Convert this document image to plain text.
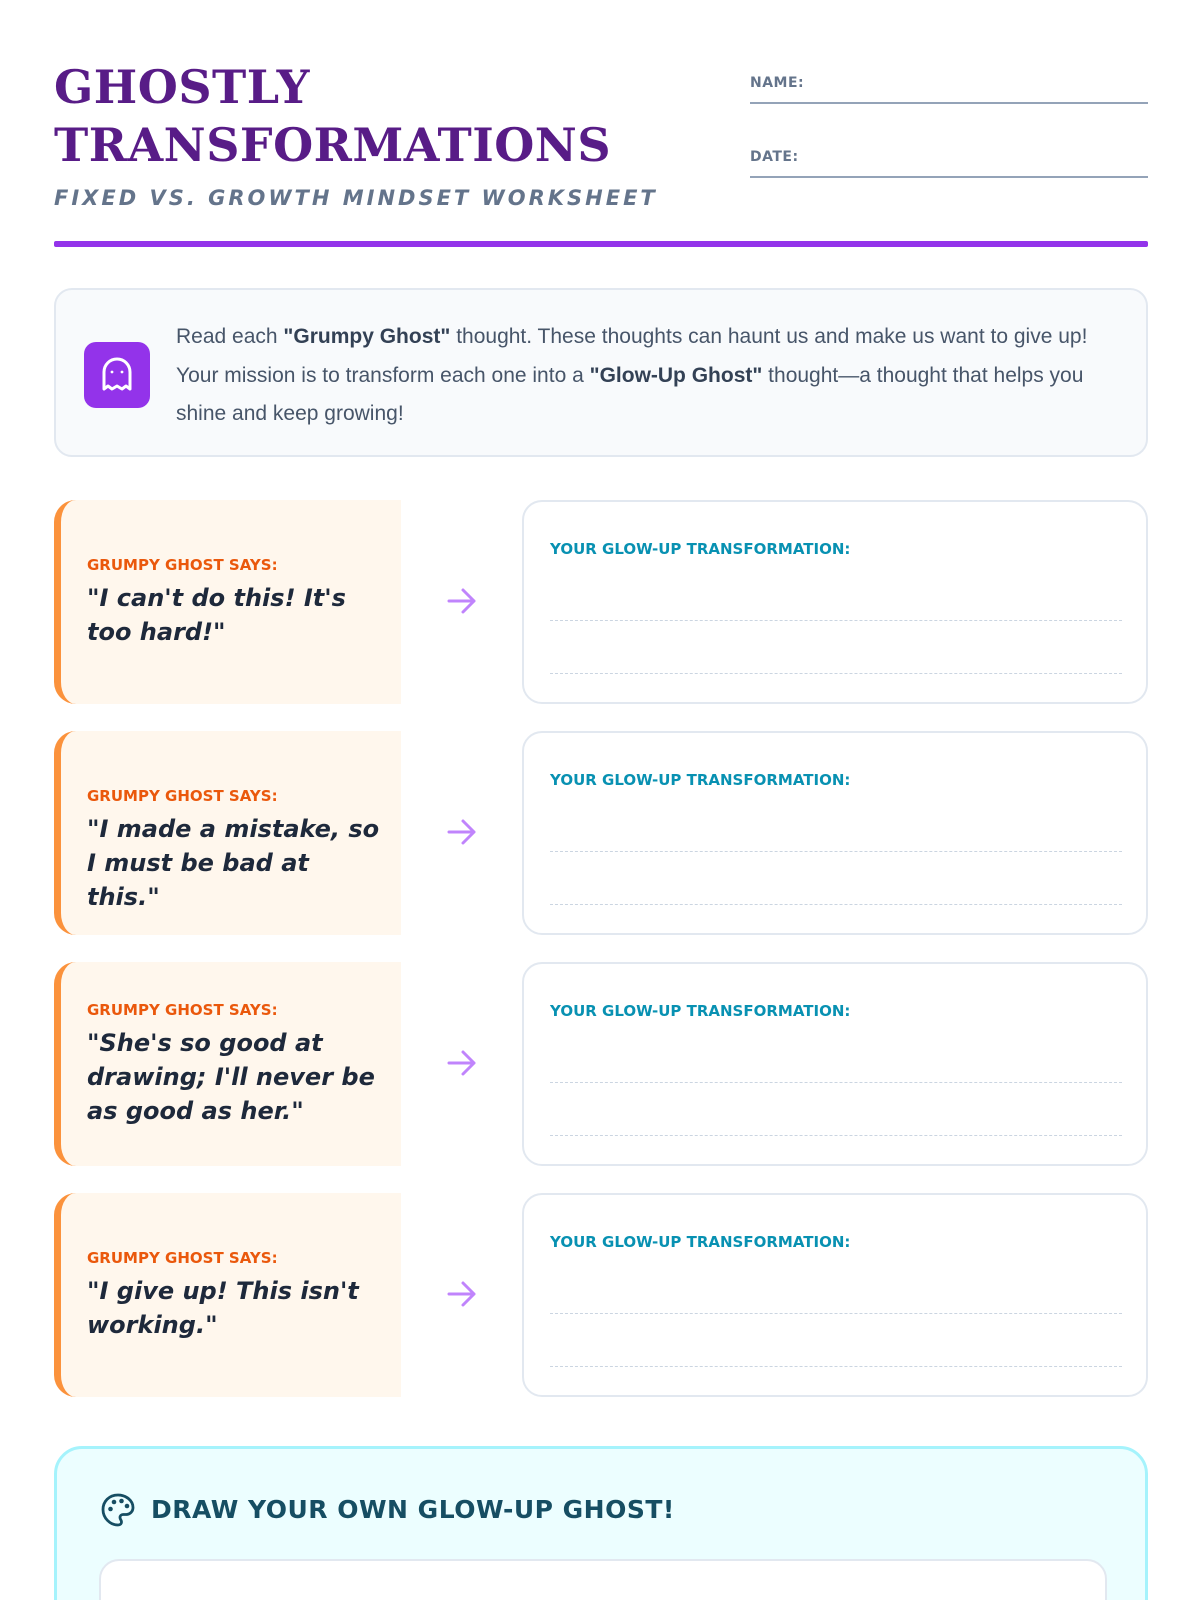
GHOSTLY
TRANSFORMATIONS
FIXED VS. GROWTH MINDSET WORKSHEET
NAME:
DATE:

Read each "Grumpy Ghost" thought. These thoughts can haunt us and make us want to give up! Your mission is to transform each one into a "Glow-Up Ghost" thought—a thought that helps you shine and keep growing!

GRUMPY GHOST SAYS:
"I can't do this! It's too hard!"
YOUR GLOW-UP TRANSFORMATION:
GRUMPY GHOST SAYS:
"I made a mistake, so I must be bad at this."
YOUR GLOW-UP TRANSFORMATION:
GRUMPY GHOST SAYS:
"She's so good at drawing; I'll never be as good as her."
YOUR GLOW-UP TRANSFORMATION:
GRUMPY GHOST SAYS:
"I give up! This isn't working."
YOUR GLOW-UP TRANSFORMATION:
DRAW YOUR OWN GLOW-UP GHOST!
